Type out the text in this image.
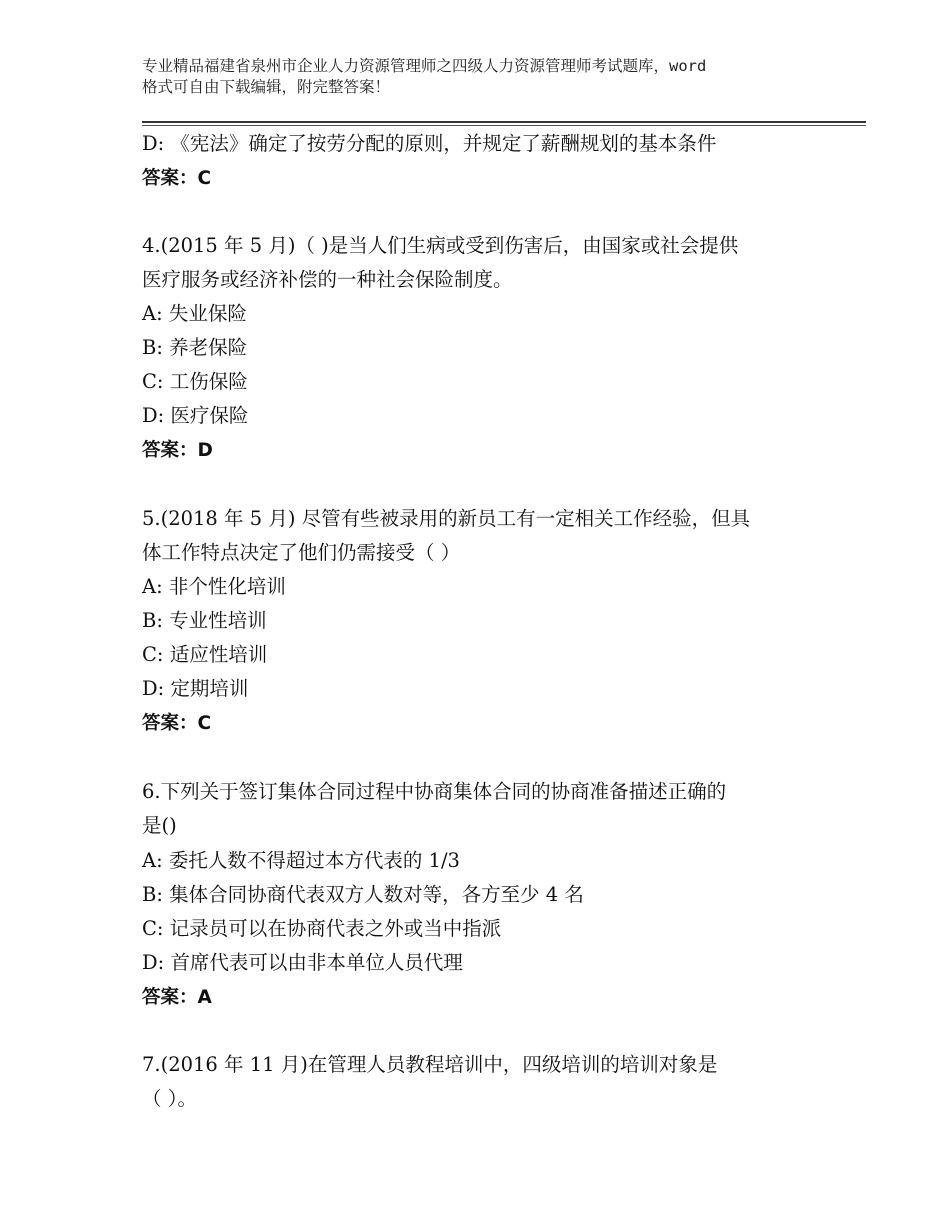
专业精品福建省泉州市企业人力资源管理师之四级人力资源管理师考试题库，word
格式可自由下载编辑，附完整答案！
D: 《宪法》确定了按劳分配的原则，并规定了薪酬规划的基本条件
答案：C
4.(2015 年 5 月)（ )是当人们生病或受到伤害后，由国家或社会提供
医疗服务或经济补偿的一种社会保险制度。
A: 失业保险
B: 养老保险
C: 工伤保险
D: 医疗保险
答案：D
5.(2018 年 5 月) 尽管有些被录用的新员工有一定相关工作经验，但具
体工作特点决定了他们仍需接受（ ）
A: 非个性化培训
B: 专业性培训
C: 适应性培训
D: 定期培训
答案：C
6.下列关于签订集体合同过程中协商集体合同的协商准备描述正确的
是()
A: 委托人数不得超过本方代表的 1/3
B: 集体合同协商代表双方人数对等，各方至少 4 名
C: 记录员可以在协商代表之外或当中指派
D: 首席代表可以由非本单位人员代理
答案：A
7.(2016 年 11 月)在管理人员教程培训中，四级培训的培训对象是
（ ）。
